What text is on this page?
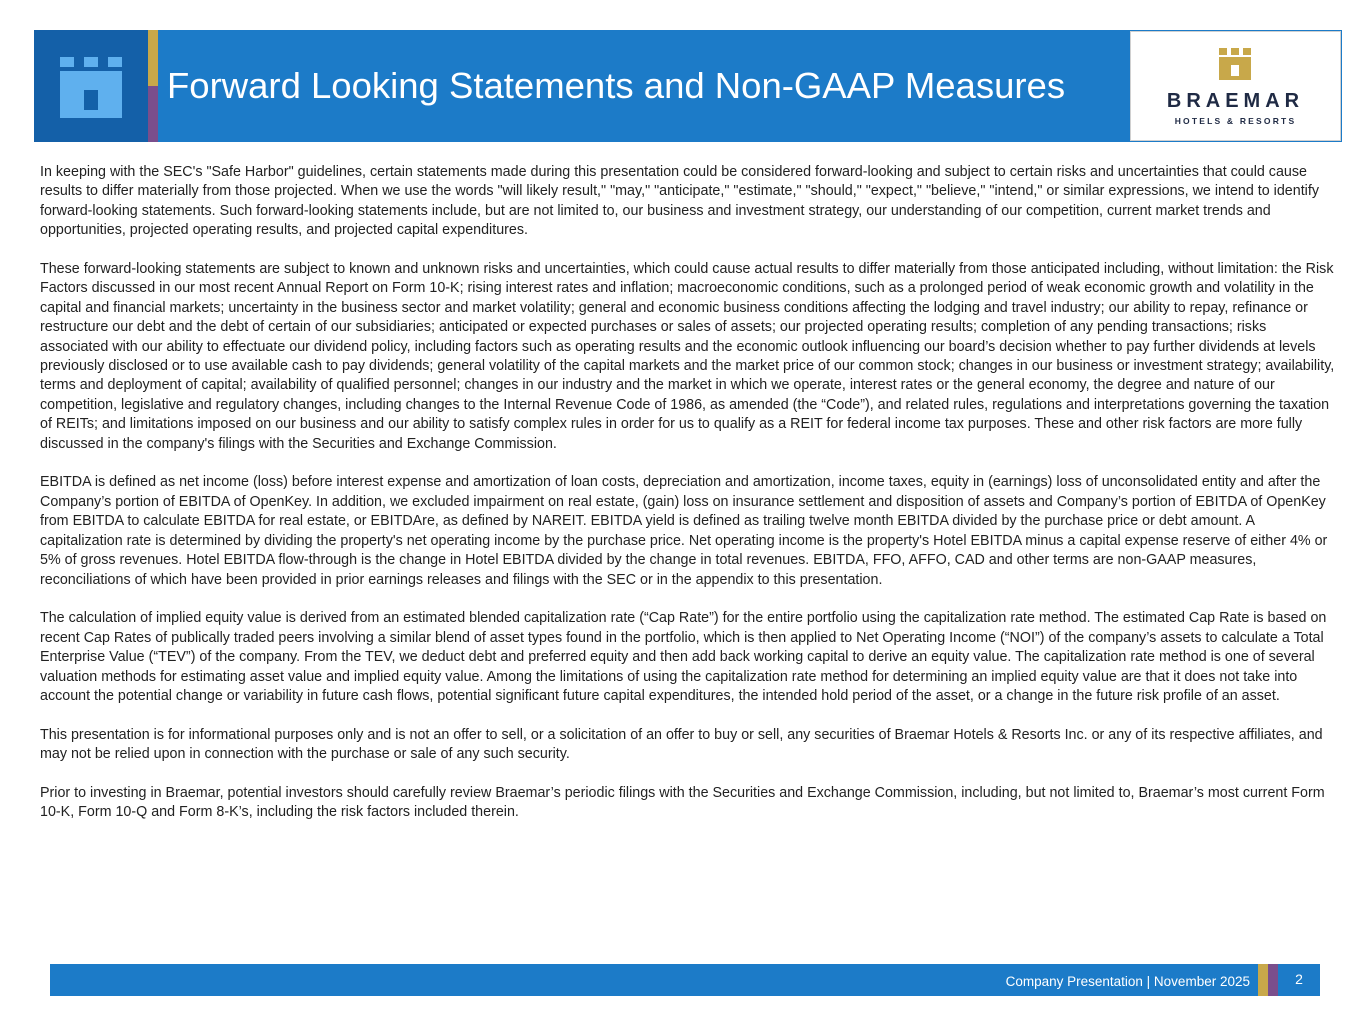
Forward Looking Statements and Non-GAAP Measures	BRAEMAR
HOTELS & RESORTS

In keeping with the SEC's "Safe Harbor" guidelines, certain statements made during this presentation could be considered forward-looking and subject to certain risks and uncertainties that could cause results to differ materially from those projected. When we use the words "will likely result," "may," "anticipate," "estimate," "should," "expect," "believe," "intend," or similar expressions, we intend to identify forward-looking statements. Such forward-looking statements include, but are not limited to, our business and investment strategy, our understanding of our competition, current market trends and opportunities, projected operating results, and projected capital expenditures.

These forward-looking statements are subject to known and unknown risks and uncertainties, which could cause actual results to differ materially from those anticipated including, without limitation: the Risk Factors discussed in our most recent Annual Report on Form 10-K; rising interest rates and inflation; macroeconomic conditions, such as a prolonged period of weak economic growth and volatility in the capital and financial markets; uncertainty in the business sector and market volatility; general and economic business conditions affecting the lodging and travel industry; our ability to repay, refinance or restructure our debt and the debt of certain of our subsidiaries; anticipated or expected purchases or sales of assets; our projected operating results; completion of any pending transactions; risks associated with our ability to effectuate our dividend policy, including factors such as operating results and the economic outlook influencing our board’s decision whether to pay further dividends at levels previously disclosed or to use available cash to pay dividends; general volatility of the capital markets and the market price of our common stock; changes in our business or investment strategy; availability, terms and deployment of capital; availability of qualified personnel; changes in our industry and the market in which we operate, interest rates or the general economy, the degree and nature of our competition, legislative and regulatory changes, including changes to the Internal Revenue Code of 1986, as amended (the “Code”), and related rules, regulations and interpretations governing the taxation of REITs; and limitations imposed on our business and our ability to satisfy complex rules in order for us to qualify as a REIT for federal income tax purposes. These and other risk factors are more fully discussed in the company's filings with the Securities and Exchange Commission.

EBITDA is defined as net income (loss) before interest expense and amortization of loan costs, depreciation and amortization, income taxes, equity in (earnings) loss of unconsolidated entity and after the Company’s portion of EBITDA of OpenKey. In addition, we excluded impairment on real estate, (gain) loss on insurance settlement and disposition of assets and Company’s portion of EBITDA of OpenKey from EBITDA to calculate EBITDA for real estate, or EBITDAre, as defined by NAREIT. EBITDA yield is defined as trailing twelve month EBITDA divided by the purchase price or debt amount. A capitalization rate is determined by dividing the property's net operating income by the purchase price. Net operating income is the property's Hotel EBITDA minus a capital expense reserve of either 4% or 5% of gross revenues. Hotel EBITDA flow-through is the change in Hotel EBITDA divided by the change in total revenues. EBITDA, FFO, AFFO, CAD and other terms are non-GAAP measures, reconciliations of which have been provided in prior earnings releases and filings with the SEC or in the appendix to this presentation.

The calculation of implied equity value is derived from an estimated blended capitalization rate (“Cap Rate”) for the entire portfolio using the capitalization rate method. The estimated Cap Rate is based on recent Cap Rates of publically traded peers involving a similar blend of asset types found in the portfolio, which is then applied to Net Operating Income (“NOI”) of the company’s assets to calculate a Total Enterprise Value (“TEV”) of the company. From the TEV, we deduct debt and preferred equity and then add back working capital to derive an equity value. The capitalization rate method is one of several valuation methods for estimating asset value and implied equity value. Among the limitations of using the capitalization rate method for determining an implied equity value are that it does not take into account the potential change or variability in future cash flows, potential significant future capital expenditures, the intended hold period of the asset, or a change in the future risk profile of an asset.

This presentation is for informational purposes only and is not an offer to sell, or a solicitation of an offer to buy or sell, any securities of Braemar Hotels & Resorts Inc. or any of its respective affiliates, and may not be relied upon in connection with the purchase or sale of any such security.

Prior to investing in Braemar, potential investors should carefully review Braemar’s periodic filings with the Securities and Exchange Commission, including, but not limited to, Braemar’s most current Form 10-K, Form 10-Q and Form 8-K’s, including the risk factors included therein.

Company Presentation | November 2025	2
